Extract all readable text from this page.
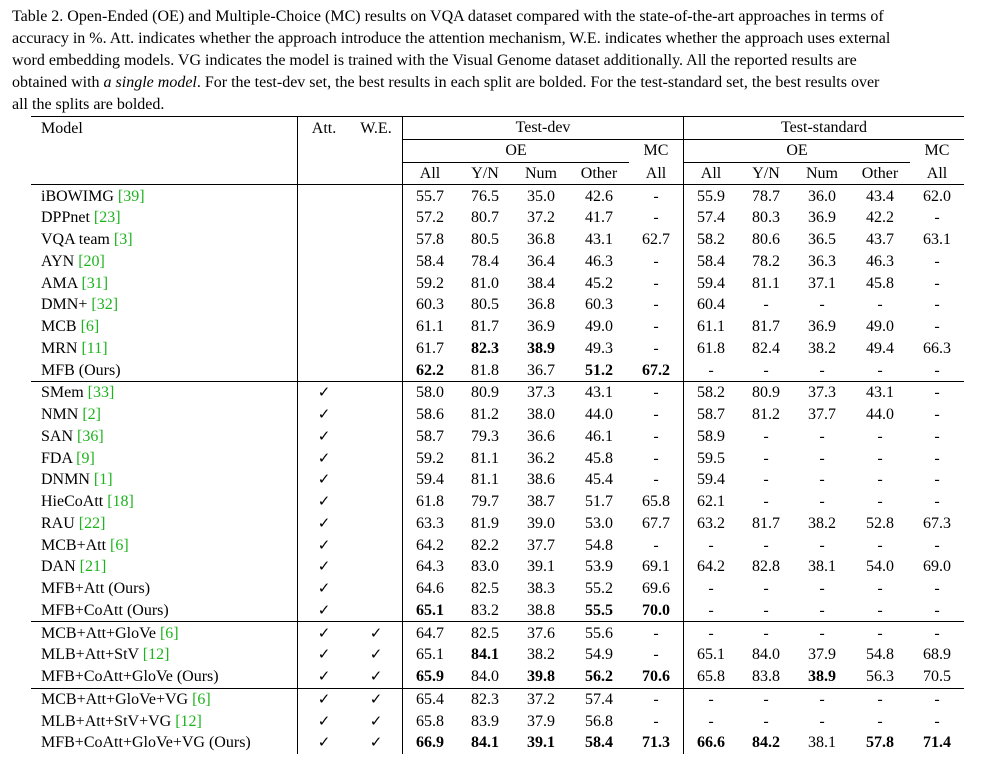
Table 2. Open-Ended (OE) and Multiple-Choice (MC) results on VQA dataset compared with the state-of-the-art approaches in terms of
accuracy in %. Att. indicates whether the approach introduce the attention mechanism, W.E. indicates whether the approach uses external
word embedding models. VG indicates the model is trained with the Visual Genome dataset additionally. All the reported results are
obtained with a single model. For the test-dev set, the best results in each split are bolded. For the test-standard set, the best results over
all the splits are bolded.
Model	Att.	W.E.	Test-dev					Test-standard				
			OE				MC	OE				MC
			All	Y/N	Num	Other	All	All	Y/N	Num	Other	All
iBOWIMG [39]			55.7	76.5	35.0	42.6	-	55.9	78.7	36.0	43.4	62.0
DPPnet [23]			57.2	80.7	37.2	41.7	-	57.4	80.3	36.9	42.2	-
VQA team [3]			57.8	80.5	36.8	43.1	62.7	58.2	80.6	36.5	43.7	63.1
AYN [20]			58.4	78.4	36.4	46.3	-	58.4	78.2	36.3	46.3	-
AMA [31]			59.2	81.0	38.4	45.2	-	59.4	81.1	37.1	45.8	-
DMN+ [32]			60.3	80.5	36.8	60.3	-	60.4	-	-	-	-
MCB [6]			61.1	81.7	36.9	49.0	-	61.1	81.7	36.9	49.0	-
MRN [11]			61.7	82.3	38.9	49.3	-	61.8	82.4	38.2	49.4	66.3
MFB (Ours)			62.2	81.8	36.7	51.2	67.2	-	-	-	-	-
SMem [33]	✓		58.0	80.9	37.3	43.1	-	58.2	80.9	37.3	43.1	-
NMN [2]	✓		58.6	81.2	38.0	44.0	-	58.7	81.2	37.7	44.0	-
SAN [36]	✓		58.7	79.3	36.6	46.1	-	58.9	-	-	-	-
FDA [9]	✓		59.2	81.1	36.2	45.8	-	59.5	-	-	-	-
DNMN [1]	✓		59.4	81.1	38.6	45.4	-	59.4	-	-	-	-
HieCoAtt [18]	✓		61.8	79.7	38.7	51.7	65.8	62.1	-	-	-	-
RAU [22]	✓		63.3	81.9	39.0	53.0	67.7	63.2	81.7	38.2	52.8	67.3
MCB+Att [6]	✓		64.2	82.2	37.7	54.8	-	-	-	-	-	-
DAN [21]	✓		64.3	83.0	39.1	53.9	69.1	64.2	82.8	38.1	54.0	69.0
MFB+Att (Ours)	✓		64.6	82.5	38.3	55.2	69.6	-	-	-	-	-
MFB+CoAtt (Ours)	✓		65.1	83.2	38.8	55.5	70.0	-	-	-	-	-
MCB+Att+GloVe [6]	✓	✓	64.7	82.5	37.6	55.6	-	-	-	-	-	-
MLB+Att+StV [12]	✓	✓	65.1	84.1	38.2	54.9	-	65.1	84.0	37.9	54.8	68.9
MFB+CoAtt+GloVe (Ours)	✓	✓	65.9	84.0	39.8	56.2	70.6	65.8	83.8	38.9	56.3	70.5
MCB+Att+GloVe+VG [6]	✓	✓	65.4	82.3	37.2	57.4	-	-	-	-	-	-
MLB+Att+StV+VG [12]	✓	✓	65.8	83.9	37.9	56.8	-	-	-	-	-	-
MFB+CoAtt+GloVe+VG (Ours)	✓	✓	66.9	84.1	39.1	58.4	71.3	66.6	84.2	38.1	57.8	71.4
